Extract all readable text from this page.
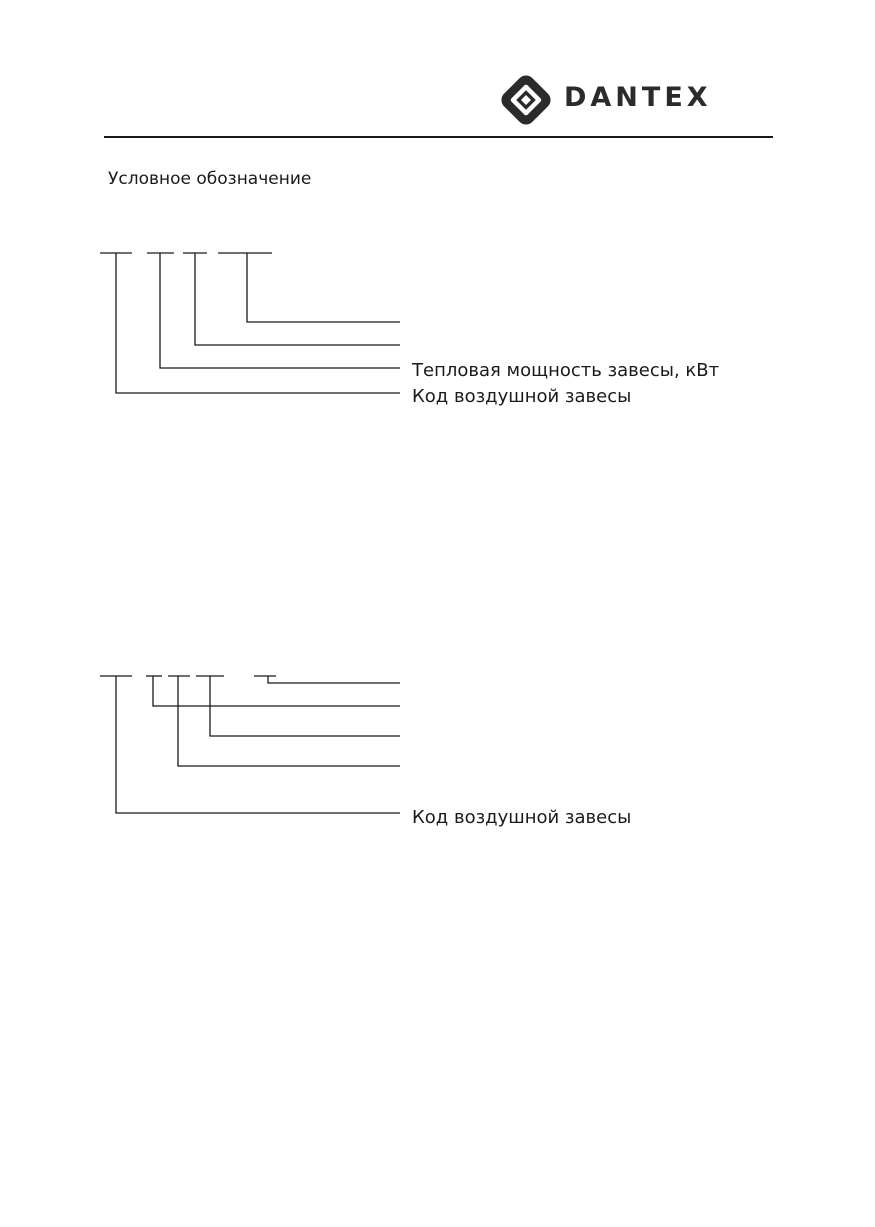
DANTEX
Условное обозначение
Тепловая мощность завесы, кВт
Код воздушной завесы
Код воздушной завесы
